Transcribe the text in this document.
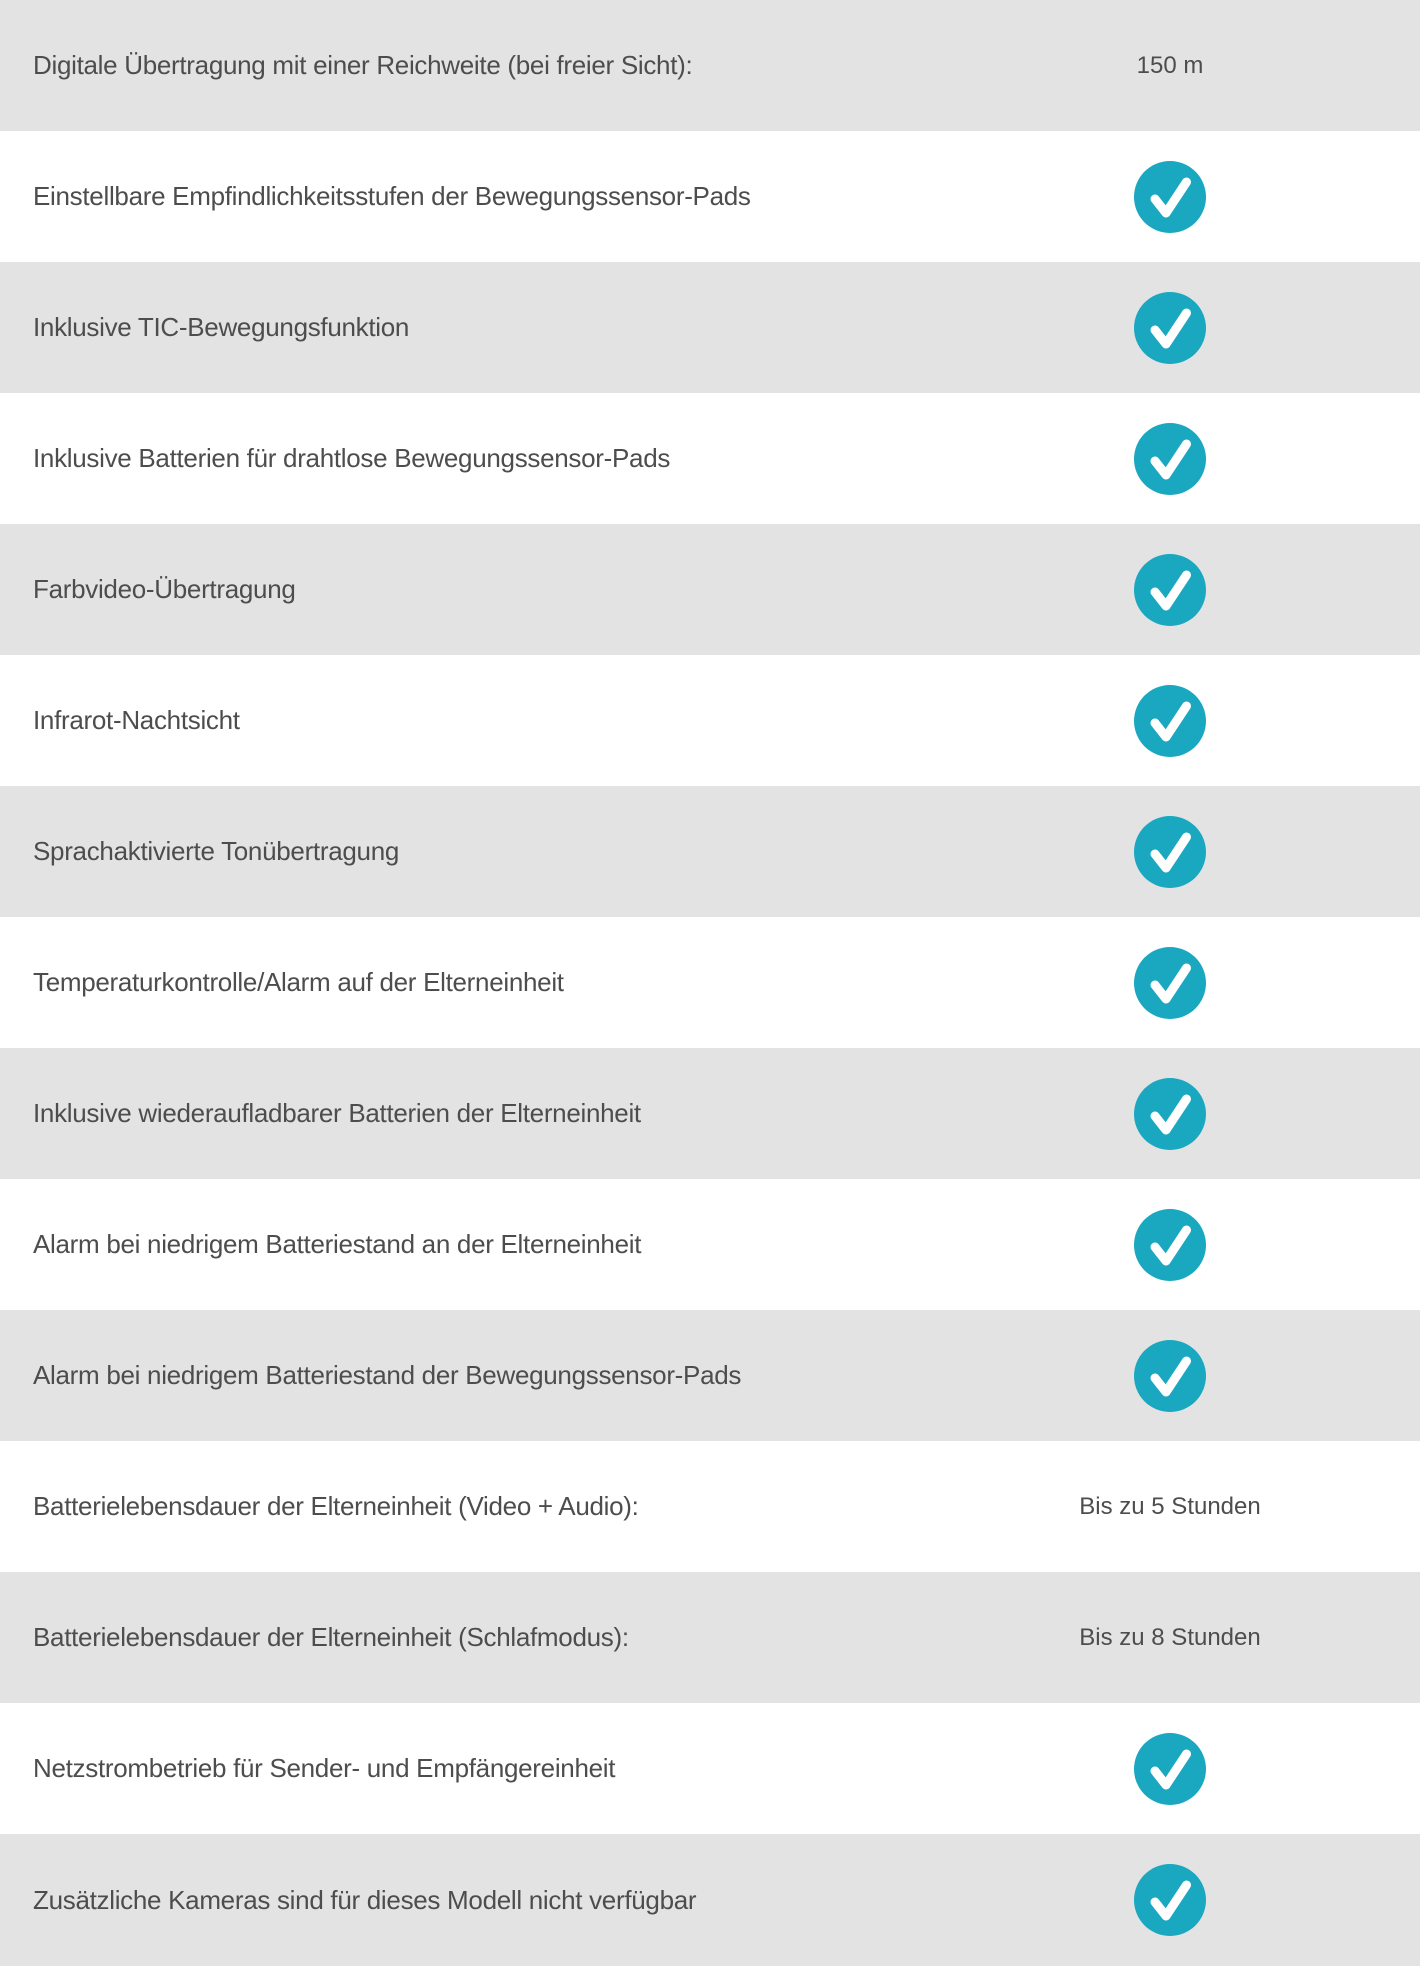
Digitale Übertragung mit einer Reichweite (bei freier Sicht):	150 m
Einstellbare Empfindlichkeitsstufen der Bewegungssensor-Pads
Inklusive TIC-Bewegungsfunktion
Inklusive Batterien für drahtlose Bewegungssensor-Pads
Farbvideo-Übertragung
Infrarot-Nachtsicht
Sprachaktivierte Tonübertragung
Temperaturkontrolle/Alarm auf der Elterneinheit
Inklusive wiederaufladbarer Batterien der Elterneinheit
Alarm bei niedrigem Batteriestand an der Elterneinheit
Alarm bei niedrigem Batteriestand der Bewegungssensor-Pads
Batterielebensdauer der Elterneinheit (Video + Audio):	Bis zu 5 Stunden
Batterielebensdauer der Elterneinheit (Schlafmodus):	Bis zu 8 Stunden
Netzstrombetrieb für Sender- und Empfängereinheit
Zusätzliche Kameras sind für dieses Modell nicht verfügbar
